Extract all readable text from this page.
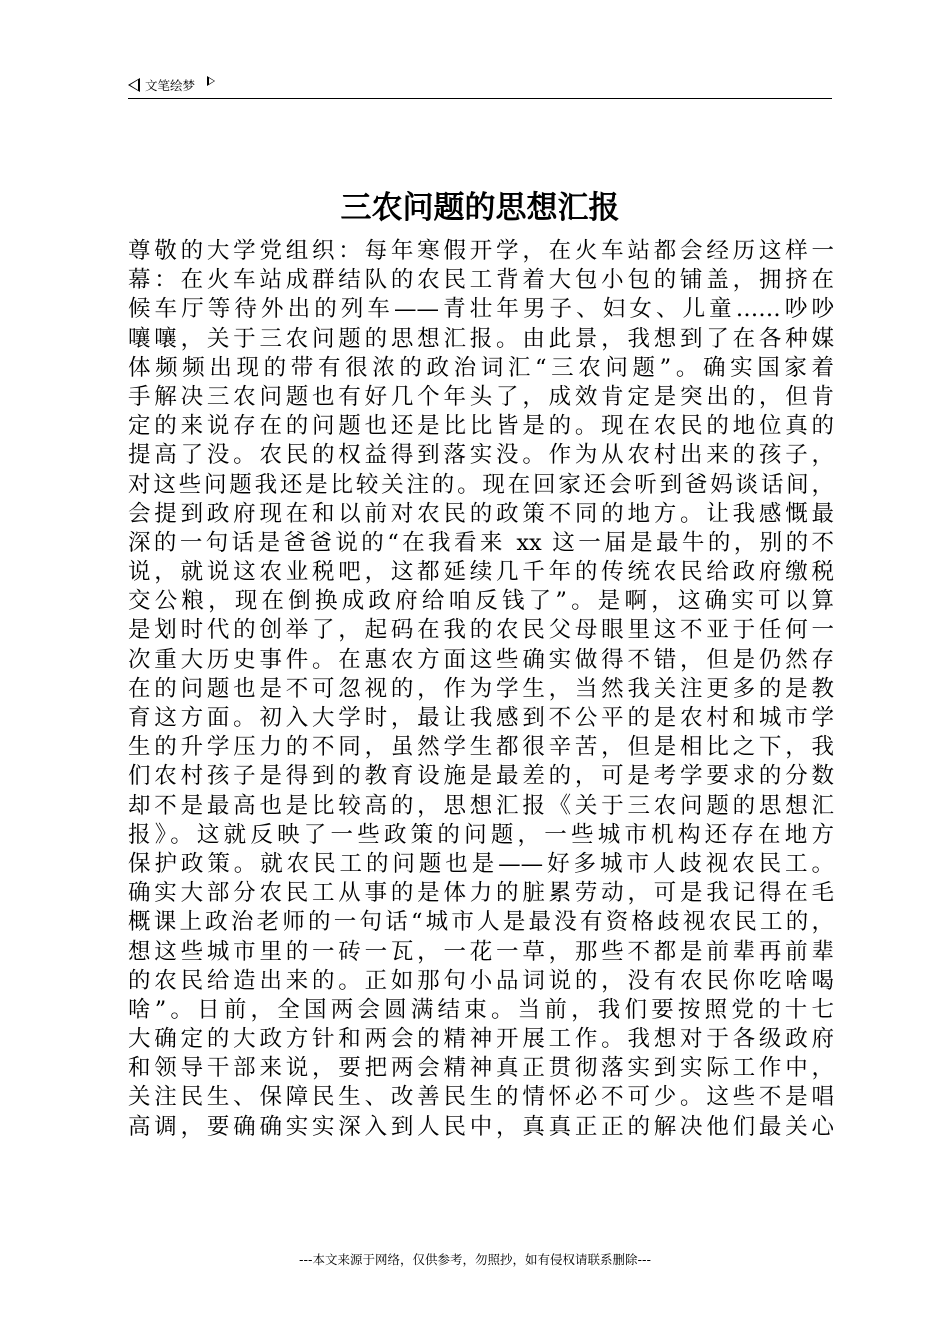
文笔绘梦
三农问题的思想汇报
尊敬的大学党组织：每年寒假开学，在火车站都会经历这样一
幕：在火车站成群结队的农民工背着大包小包的铺盖，拥挤在
候车厅等待外出的列车——青壮年男子、妇女、儿童……吵吵
嚷嚷，关于三农问题的思想汇报。由此景，我想到了在各种媒
体频频出现的带有很浓的政治词汇“三农问题”。确实国家着
手解决三农问题也有好几个年头了，成效肯定是突出的，但肯
定的来说存在的问题也还是比比皆是的。现在农民的地位真的
提高了没。农民的权益得到落实没。作为从农村出来的孩子，
对这些问题我还是比较关注的。现在回家还会听到爸妈谈话间，
会提到政府现在和以前对农民的政策不同的地方。让我感慨最
深的一句话是爸爸说的“在我看来 xx 这一届是最牛的，别的不
说，就说这农业税吧，这都延续几千年的传统农民给政府缴税
交公粮，现在倒换成政府给咱反钱了”。是啊，这确实可以算
是划时代的创举了，起码在我的农民父母眼里这不亚于任何一
次重大历史事件。在惠农方面这些确实做得不错，但是仍然存
在的问题也是不可忽视的，作为学生，当然我关注更多的是教
育这方面。初入大学时，最让我感到不公平的是农村和城市学
生的升学压力的不同，虽然学生都很辛苦，但是相比之下，我
们农村孩子是得到的教育设施是最差的，可是考学要求的分数
却不是最高也是比较高的，思想汇报《关于三农问题的思想汇
报》。这就反映了一些政策的问题，一些城市机构还存在地方
保护政策。就农民工的问题也是——好多城市人歧视农民工。
确实大部分农民工从事的是体力的脏累劳动，可是我记得在毛
概课上政治老师的一句话“城市人是最没有资格歧视农民工的，
想这些城市里的一砖一瓦，一花一草，那些不都是前辈再前辈
的农民给造出来的。正如那句小品词说的，没有农民你吃啥喝
啥”。日前，全国两会圆满结束。当前，我们要按照党的十七
大确定的大政方针和两会的精神开展工作。我想对于各级政府
和领导干部来说，要把两会精神真正贯彻落实到实际工作中，
关注民生、保障民生、改善民生的情怀必不可少。这些不是唱
高调，要确确实实深入到人民中，真真正正的解决他们最关心
---本文来源于网络，仅供参考，勿照抄，如有侵权请联系删除---
